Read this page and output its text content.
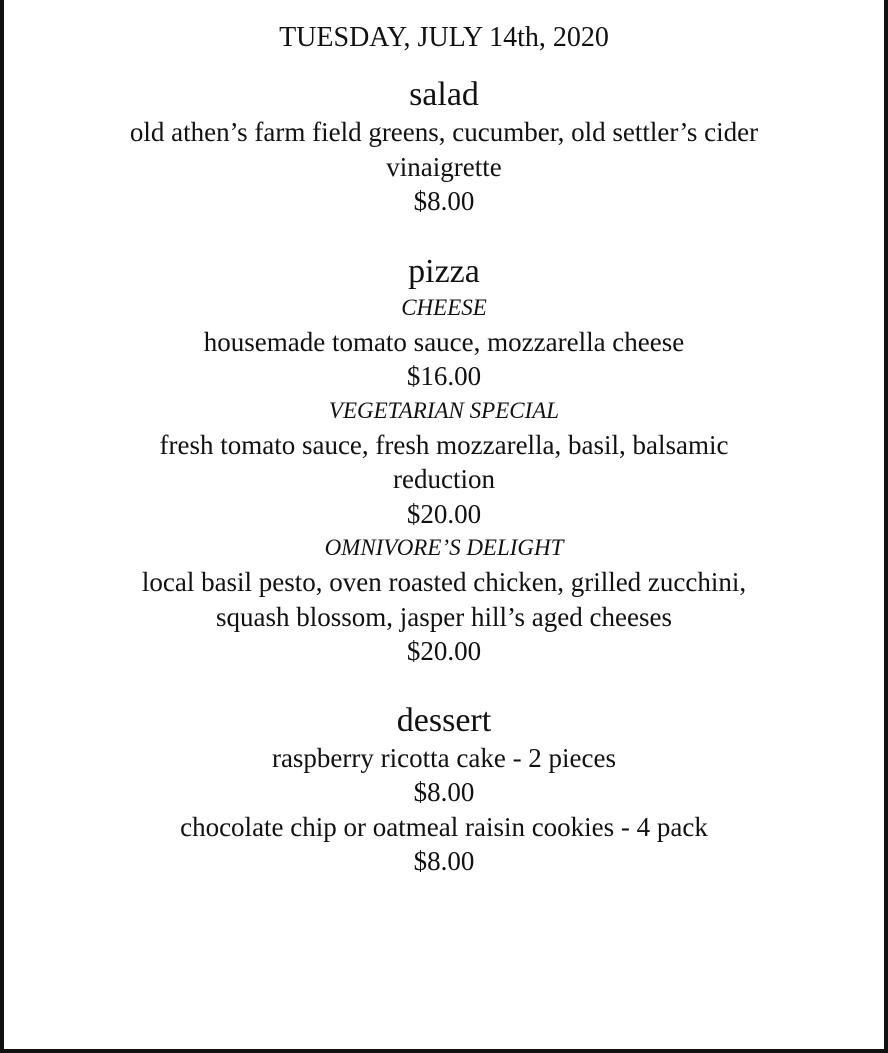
TUESDAY, JULY 14th, 2020

salad

old athen’s farm field greens, cucumber, old settler’s cider

vinaigrette

$8.00

pizza

CHEESE

housemade tomato sauce, mozzarella cheese

$16.00

VEGETARIAN SPECIAL

fresh tomato sauce, fresh mozzarella, basil, balsamic

reduction

$20.00

OMNIVORE’S DELIGHT

local basil pesto, oven roasted chicken, grilled zucchini,

squash blossom, jasper hill’s aged cheeses

$20.00

dessert

raspberry ricotta cake - 2 pieces

$8.00

chocolate chip or oatmeal raisin cookies - 4 pack

$8.00
